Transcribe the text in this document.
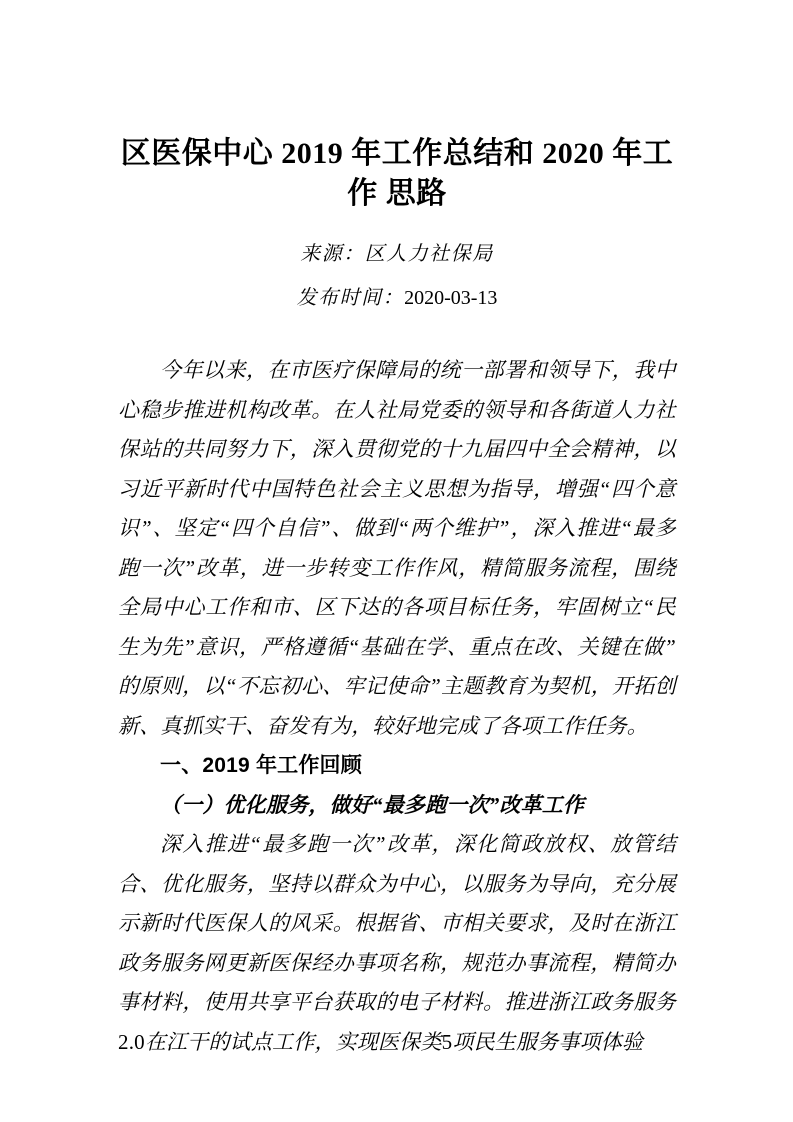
区医保中心 2019 年工作总结和 2020 年工作 思路
来源：区人力社保局
发布时间：2020-03-13

今年以来，在市医疗保障局的统一部署和领导下，我中心稳步推进机构改革。在人社局党委的领导和各街道人力社保站的共同努力下，深入贯彻党的十九届四中全会精神，以习近平新时代中国特色社会主义思想为指导，增强“四个意识”、坚定“四个自信”、做到“两个维护”，深入推进“最多跑一次”改革，进一步转变工作作风，精简服务流程，围绕全局中心工作和市、区下达的各项目标任务，牢固树立“民生为先”意识，严格遵循“基础在学、重点在改、关键在做”的原则，以“不忘初心、牢记使命”主题教育为契机，开拓创新、真抓实干、奋发有为，较好地完成了各项工作任务。

一、2019 年工作回顾
（一）优化服务，做好“最多跑一次”改革工作

深入推进“最多跑一次”改革，深化简政放权、放管结合、优化服务，坚持以群众为中心，以服务为导向，充分展示新时代医保人的风采。根据省、市相关要求，及时在浙江政务服务网更新医保经办事项名称，规范办事流程，精简办事材料，使用共享平台获取的电子材料。推进浙江政务服务2.0在江干的试点工作，实现医保类5项民生服务事项体验
